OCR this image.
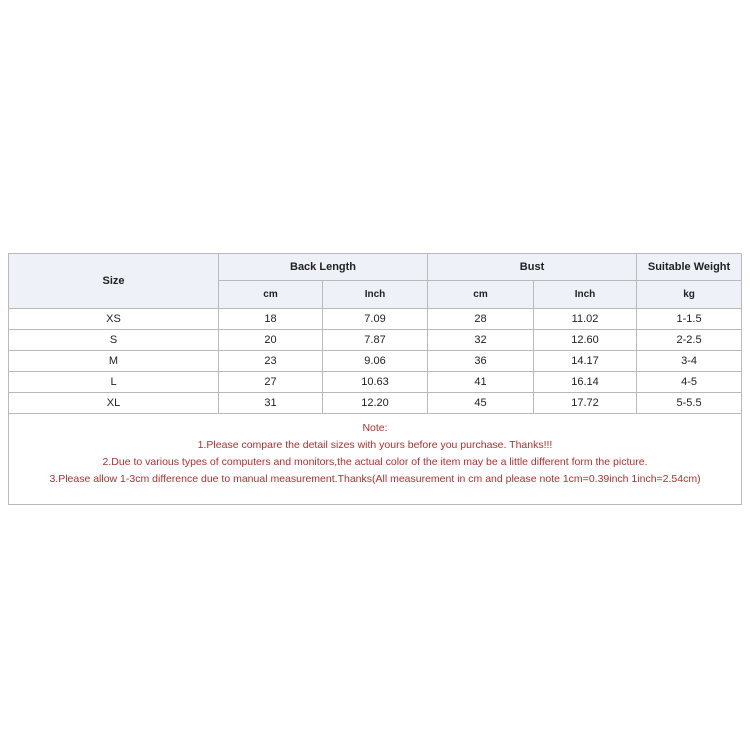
Size	Back Length		Bust		Suitable Weight
	cm	Inch	cm	Inch	kg
XS	18	7.09	28	11.02	1-1.5
S	20	7.87	32	12.60	2-2.5
M	23	9.06	36	14.17	3-4
L	27	10.63	41	16.14	4-5
XL	31	12.20	45	17.72	5-5.5

Note:
1.Please compare the detail sizes with yours before you purchase. Thanks!!!
2.Due to various types of computers and monitors,the actual color of the item may be a little different form the picture.
3.Please allow 1-3cm difference due to manual measurement.Thanks(All measurement in cm and please note 1cm=0.39inch 1inch=2.54cm)					
